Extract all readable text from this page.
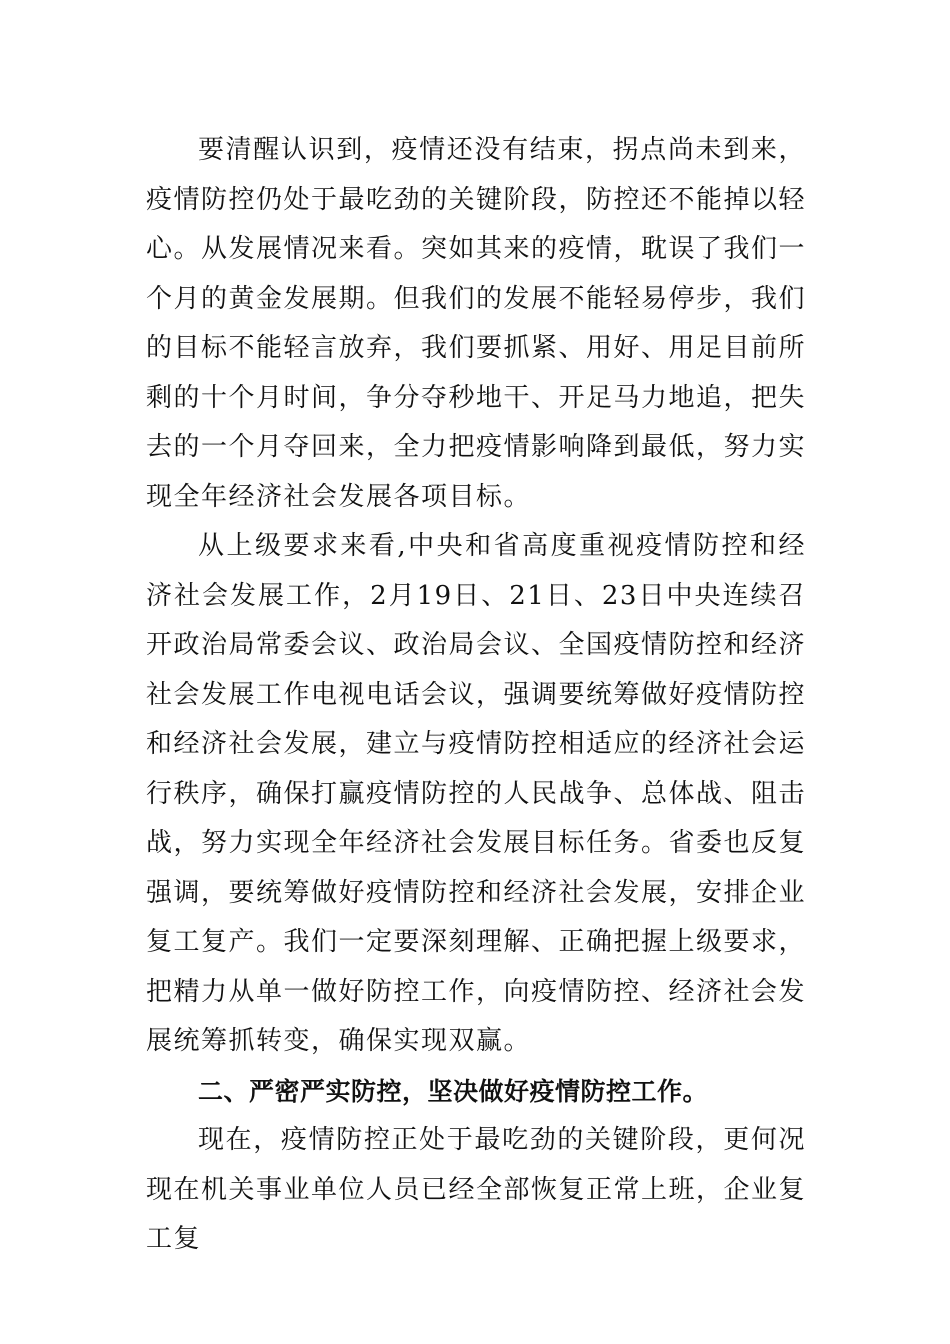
要清醒认识到，疫情还没有结束，拐点尚未到来，疫情防控仍处于最吃劲的关键阶段，防控还不能掉以轻心。从发展情况来看。突如其来的疫情，耽误了我们一个月的黄金发展期。但我们的发展不能轻易停步，我们的目标不能轻言放弃，我们要抓紧、用好、用足目前所剩的十个月时间，争分夺秒地干、开足马力地追，把失去的一个月夺回来，全力把疫情影响降到最低，努力实现全年经济社会发展各项目标。

从上级要求来看,中央和省高度重视疫情防控和经济社会发展工作，2月19日、21日、23日中央连续召开政治局常委会议、政治局会议、全国疫情防控和经济社会发展工作电视电话会议，强调要统筹做好疫情防控和经济社会发展，建立与疫情防控相适应的经济社会运行秩序，确保打赢疫情防控的人民战争、总体战、阻击战，努力实现全年经济社会发展目标任务。省委也反复强调，要统筹做好疫情防控和经济社会发展，安排企业复工复产。我们一定要深刻理解、正确把握上级要求，把精力从单一做好防控工作，向疫情防控、经济社会发展统筹抓转变，确保实现双赢。

二、严密严实防控，坚决做好疫情防控工作。

现在，疫情防控正处于最吃劲的关键阶段，更何况现在机关事业单位人员已经全部恢复正常上班，企业复工复
